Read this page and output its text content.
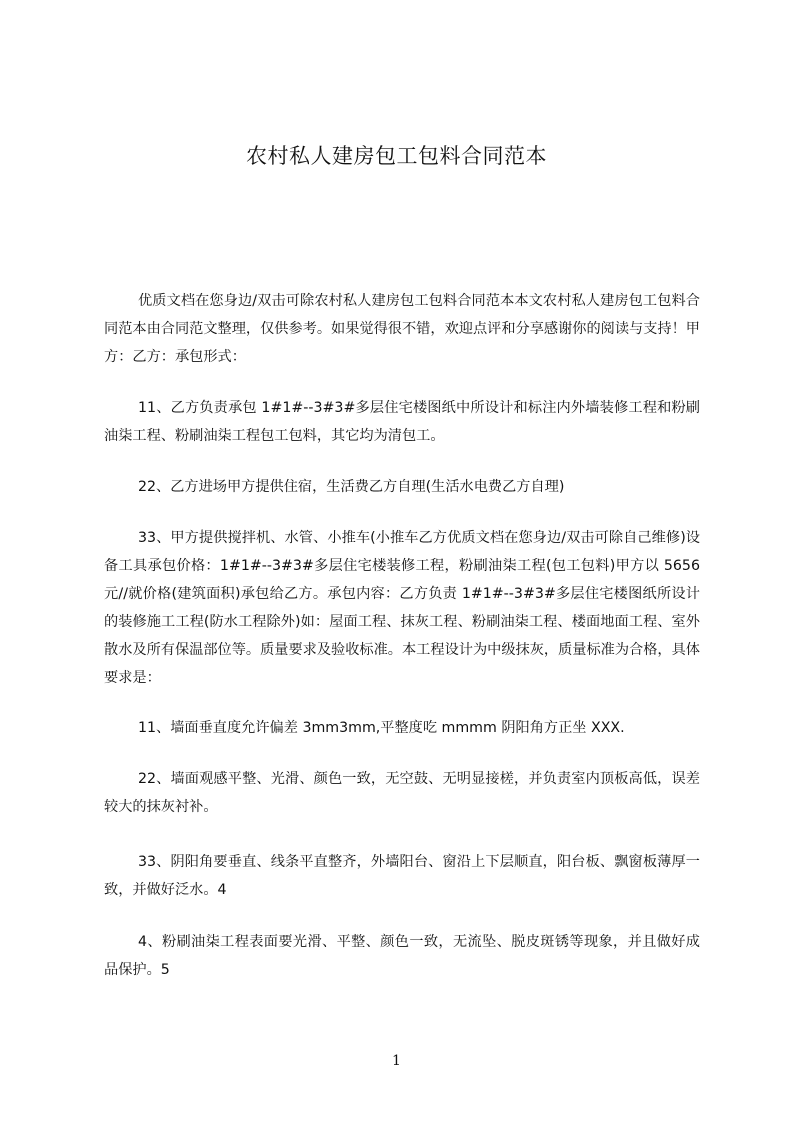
农村私人建房包工包料合同范本

优质文档在您身边/双击可除农村私人建房包工包料合同范本本文农村私人建房包工包料合同范本由合同范文整理，仅供参考。如果觉得很不错，欢迎点评和分享感谢你的阅读与支持！甲方：乙方：承包形式：

11、乙方负责承包 1#1#--3#3#多层住宅楼图纸中所设计和标注内外墙装修工程和粉刷油柒工程、粉刷油柒工程包工包料，其它均为清包工。

22、乙方进场甲方提供住宿，生活费乙方自理(生活水电费乙方自理)

33、甲方提供搅拌机、水管、小推车(小推车乙方优质文档在您身边/双击可除自己维修)设备工具承包价格：1#1#--3#3#多层住宅楼装修工程，粉刷油柒工程(包工包料)甲方以 5656 元//就价格(建筑面积)承包给乙方。承包内容：乙方负责 1#1#--3#3#多层住宅楼图纸所设计的装修施工工程(防水工程除外)如：屋面工程、抹灰工程、粉刷油柒工程、楼面地面工程、室外散水及所有保温部位等。质量要求及验收标准。本工程设计为中级抹灰，质量标准为合格，具体要求是：

11、墙面垂直度允许偏差 3mm3mm,平整度吃 mmmm 阴阳角方正坐 XXX.

22、墙面观感平整、光滑、颜色一致，无空鼓、无明显接槎，并负责室内顶板高低，误差较大的抹灰衬补。

33、阴阳角要垂直、线条平直整齐，外墙阳台、窗沿上下层顺直，阳台板、飘窗板薄厚一致，并做好泛水。4

4、粉刷油柒工程表面要光滑、平整、颜色一致，无流坠、脱皮斑锈等现象，并且做好成品保护。5

1
